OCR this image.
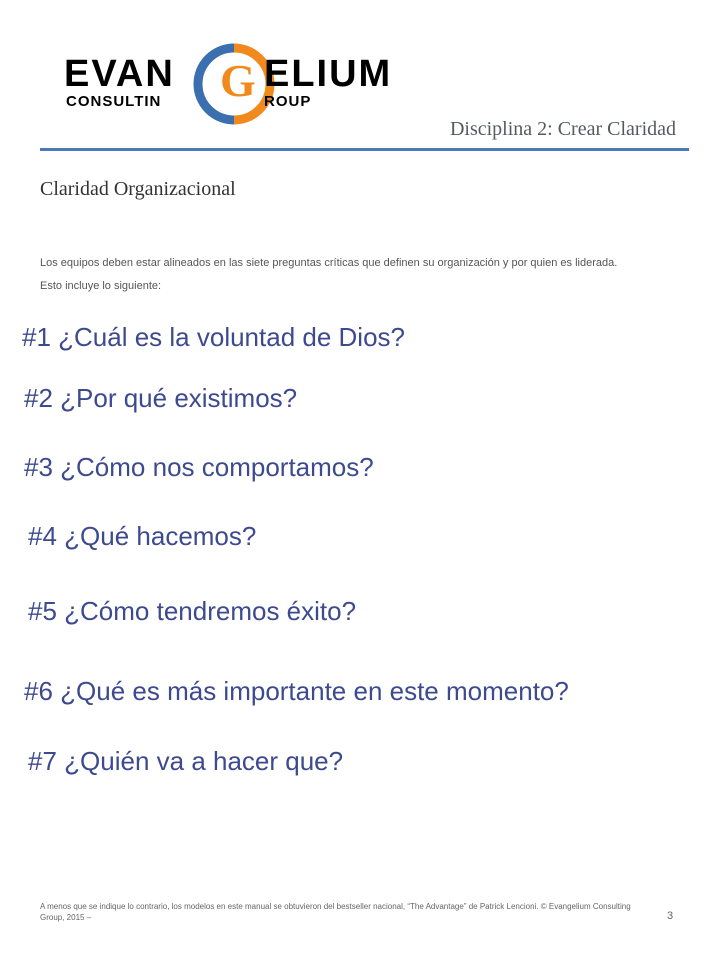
EVAN G ELIUM
CONSULTIN	ROUP
Disciplina 2: Crear Claridad
Claridad Organizacional
Los equipos deben estar alineados en las siete preguntas críticas que definen su organización y por quien es liderada.
Esto incluye lo siguiente:
#1 ¿Cuál es la voluntad de Dios?
#2 ¿Por qué existimos?
#3 ¿Cómo nos comportamos?
#4 ¿Qué hacemos?
#5 ¿Cómo tendremos éxito?
#6 ¿Qué es más importante en este momento?
#7 ¿Quién va a hacer que?
A menos que se indique lo contrario, los modelos en este manual se obtuvieron del bestseller nacional, “The Advantage” de Patrick Lencioni. © Evangelium Consulting Group, 2015 –	3
